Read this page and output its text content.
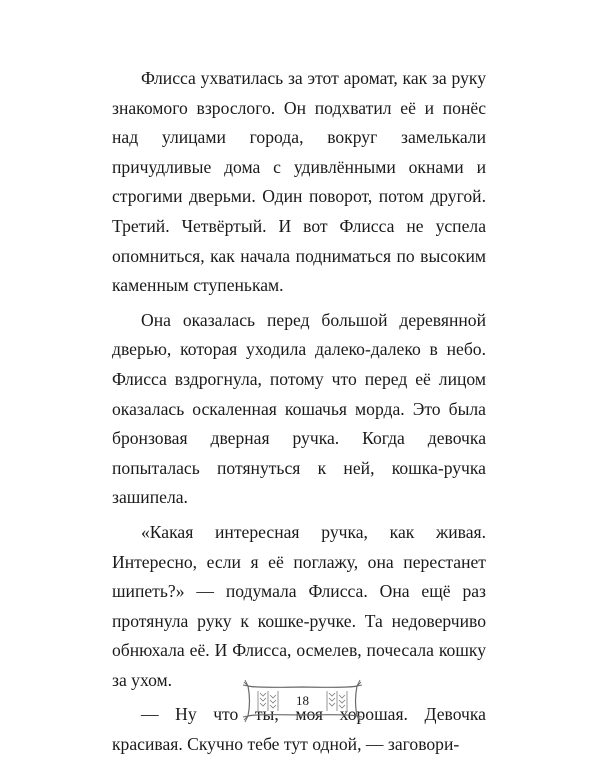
Флисса ухватилась за этот аромат, как за руку знакомого взрослого. Он подхватил её и понёс над улицами города, вокруг замелькали причудливые дома с удивлёнными окнами и строгими дверьми. Один поворот, потом другой. Третий. Четвёртый. И вот Флисса не успела опомниться, как начала подниматься по высоким каменным ступенькам.

Она оказалась перед большой деревянной дверью, которая уходила далеко-далеко в небо. Флисса вздрогнула, потому что перед её лицом оказалась оскаленная кошачья морда. Это была бронзовая дверная ручка. Когда девочка попыталась потянуться к ней, кошка-ручка зашипела.

«Какая интересная ручка, как живая. Интересно, если я её поглажу, она перестанет шипеть?» — подумала Флисса. Она ещё раз протянула руку к кошке-ручке. Та недоверчиво обнюхала её. И Флисса, осмелев, почесала кошку за ухом.

— Ну что ты, моя хорошая. Девочка красивая. Скучно тебе тут одной, — заговори-

18
